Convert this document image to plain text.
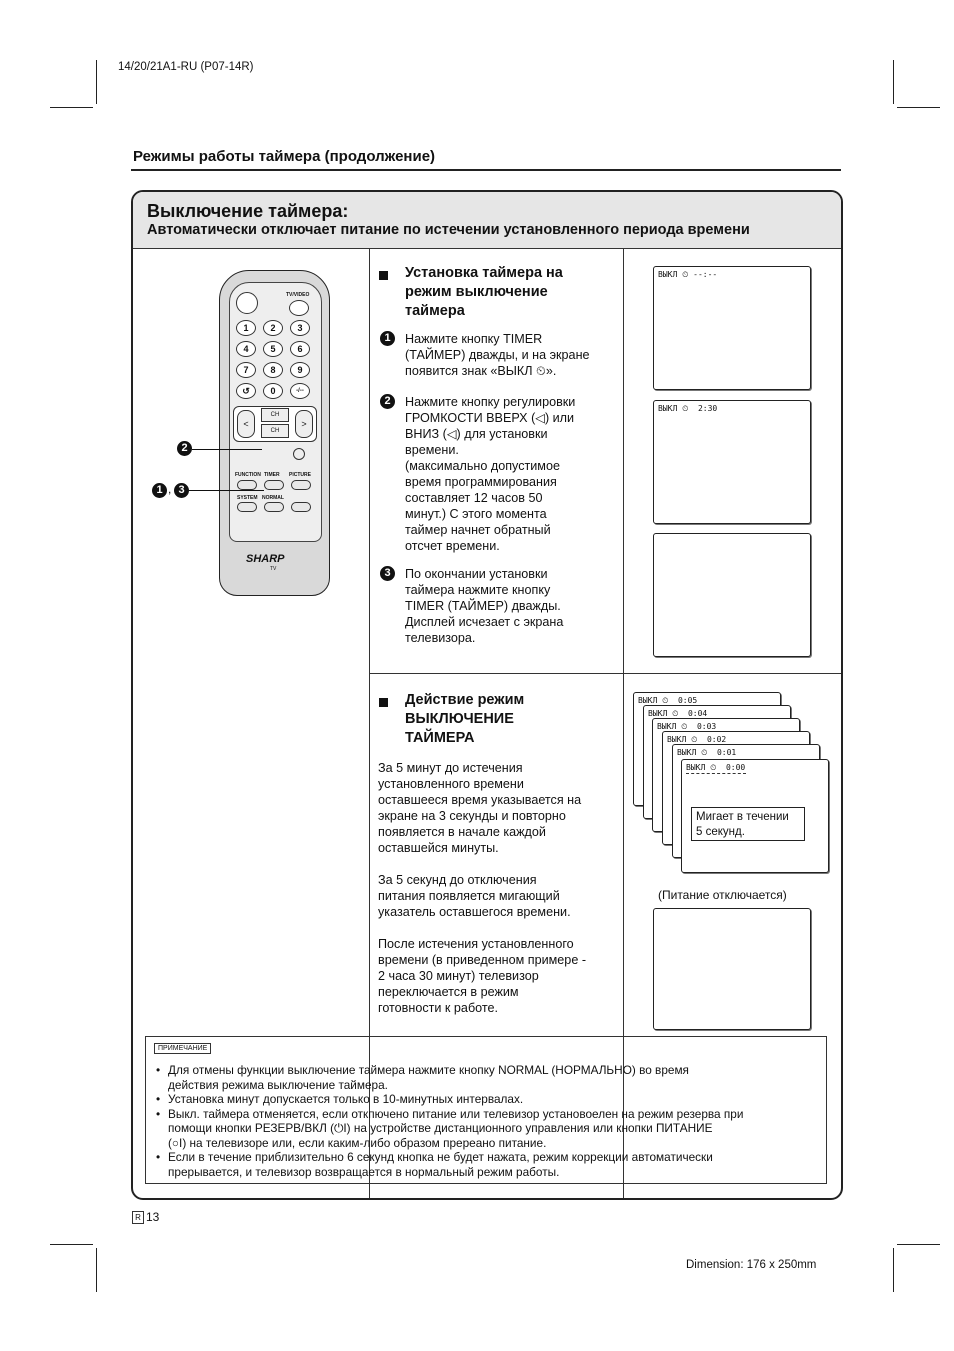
14/20/21A1-RU (P07-14R)
Режимы работы таймера (продолжение)
Выключение таймера:
Автоматически отключает питание по истечении установленного периода времени
Установка таймера на
режим выключение
таймера
1	Нажмите кнопку TIMER
(ТАЙМЕР) дважды, и на экране
появится знак «ВЫКЛ ⏲».
2	Нажмите кнопку регулировки
ГРОМКОСТИ ВВЕРХ (◁) или
ВНИЗ (◁) для установки
времени.
(максимально допустимое
время программирования
составляет 12 часов 50
минут.) С этого момента
таймер начнет обратный
отсчет времени.
3	По окончании установки
таймера нажмите кнопку
TIMER (ТАЙМЕР) дважды.
Дисплей исчезает с экрана
телевизора.
ВЫКЛ ⏲ --:--
ВЫКЛ ⏲  2:30
Действие режим
ВЫКЛЮЧЕНИЕ
ТАЙМЕРА
За 5 минут до истечения
установленного времени
оставшееся время указывается на
экране на 3 секунды и повторно
появляется в начале каждой
оставшейся минуты.
За 5 секунд до отключения
питания появляется мигающий
указатель оставшегося времени.
После истечения установленного
времени (в приведенном примере -
2 часа 30 минут) телевизор
переключается в режим
готовности к работе.
ВЫКЛ ⏲  0:05
ВЫКЛ ⏲  0:04
ВЫКЛ ⏲  0:03
ВЫКЛ ⏲  0:02
ВЫКЛ ⏲  0:01
ВЫКЛ ⏲  0:00
Мигает в течении
5 секунд.
(Питание отключается)
ПРИМЕЧАНИЕ
• Для отмены функции выключение таймера нажмите кнопку NORMAL (НОРМАЛЬНО) во время
действия режима выключение таймера.
• Установка минут допускается только в 10-минутных интервалах.
• Выкл. таймера отменяется, если откпючено питание или телевизор установоелен на режим резерва при
помощи кнопки РЕЗЕРВ/ВКЛ (⏻I) на устройстве дистанционного управления или кнопки ПИТАНИЕ
(○I) на телевизоре или, если каким-либо образом прерeaно питание.
• Если в течение приблизительно 6 секунд кнопка не будет нажата, режим коррекции автоматически
прерывается, и телевизор возвращается в нормальный режим работы.
TV/VIDEO
1	2	3
4	5	6
7	8	9
↺	0	-/--
<	>
CH
CH
FUNCTION TIMER PICTURE
SYSTEM NORMAL
SHARP
TV
2
1 , 3
R 13
Dimension: 176 x 250mm
